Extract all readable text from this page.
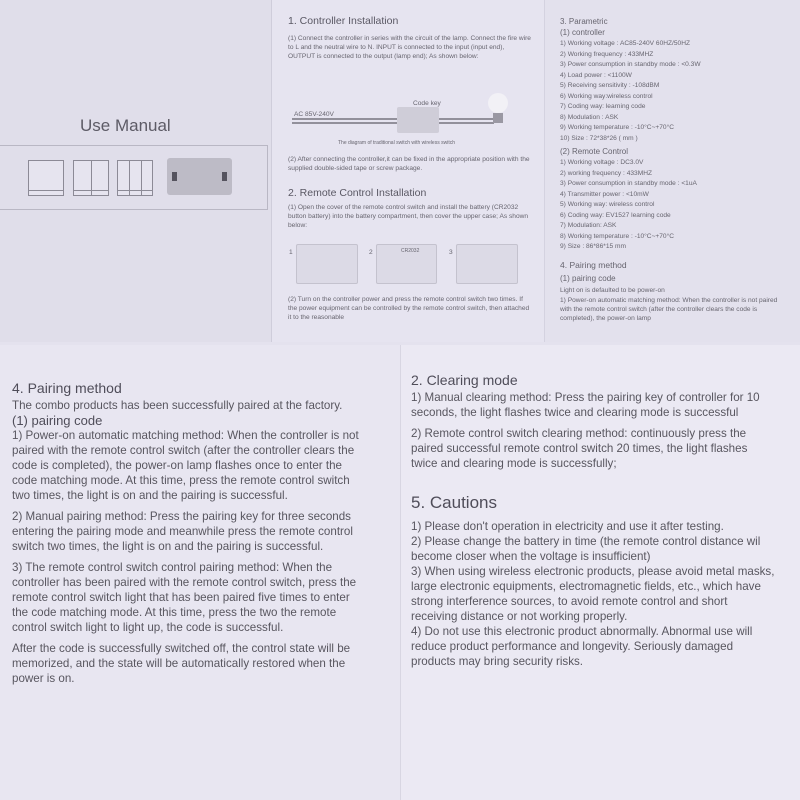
Use Manual
CR2032
1. Controller Installation

(1) Connect the controller in series with the circuit of the lamp. Connect the fire wire to L and the neutral wire to N. INPUT is connected to the input (input end), OUTPUT is connected to the output (lamp end); As shown below:

AC 85V-240V
Code key
The diagram of traditional switch with wireless switch

(2) After connecting the controller,it can be fixed in the appropriate position with the supplied double-sided tape or screw package.

2. Remote Control Installation

(1) Open the cover of the remote control switch and install the battery (CR2032 button battery) into the battery compartment, then cover the upper case; As shown below:

1	2	3

(2) Turn on the controller power and press the remote control switch two times. If the power equipment can be controlled by the remote control switch, then attached it to the reasonable

3. Parametric
(1) controller

1) Working voltage : AC85-240V 60HZ/50HZ

2) Working frequency : 433MHZ

3) Power consumption in standby mode : <0.3W

4) Load power : <1100W

5) Receiving sensitivity : -108dBM

6) Working way:wireless control

7) Coding way: learning code

8) Modulation : ASK

9) Working temperature : -10°C~+70°C

10) Size : 72*38*26 ( mm )

(2) Remote Control

1) Working voltage : DC3.0V

2) working frequency : 433MHZ

3) Power consumption in standby mode : <1uA

4) Transmitter power : <10mW

5) Working way: wireless control

6) Coding way: EV1527 learning code

7) Modulation: ASK

8) Working temperature : -10°C~+70°C

9) Size : 86*86*15 mm

4. Pairing method
(1) pairing code
Light on is defaulted to be power-on

1) Power-on automatic matching method: When the controller is not paired with the remote control switch (after the controller clears the code is completed), the power-on lamp

4. Pairing method

The combo products has been successfully paired at the factory.

(1) pairing code

1) Power-on automatic matching method: When the controller is not paired with the remote control switch (after the controller clears the code is completed), the power-on lamp flashes once to enter the code matching mode. At this time, press the remote control switch two times, the light is on and the pairing is successful.

2) Manual pairing method: Press the pairing key for three seconds entering the pairing mode and meanwhile press the remote control switch two times, the light is on and the pairing is successful.

3) The remote control switch control pairing method: When the controller has been paired with the remote control switch, press the remote control switch light that has been paired five times to enter the code matching mode. At this time, press the two the remote control switch light to light up, the code is successful.

After the code is successfully switched off, the control state will be memorized, and the state will be automatically restored when the power is on.

2. Clearing mode

1) Manual clearing method: Press the pairing key of controller for 10 seconds, the light flashes twice and clearing mode is successful

2) Remote control switch clearing method: continuously press the paired successful remote control switch 20 times, the light flashes twice and clearing mode is successfully;

5. Cautions

1) Please don't operation in electricity and use it after testing.

2) Please change the battery in time (the remote control distance wil become closer when the voltage is insufficient)

3) When using wireless electronic products, please avoid metal masks, large electronic equipments, electromagnetic fields, etc., which have strong interference sources, to avoid remote control and short receiving distance or not working properly.

4) Do not use this electronic product abnormally. Abnormal use will reduce product performance and longevity. Seriously damaged products may bring security risks.
